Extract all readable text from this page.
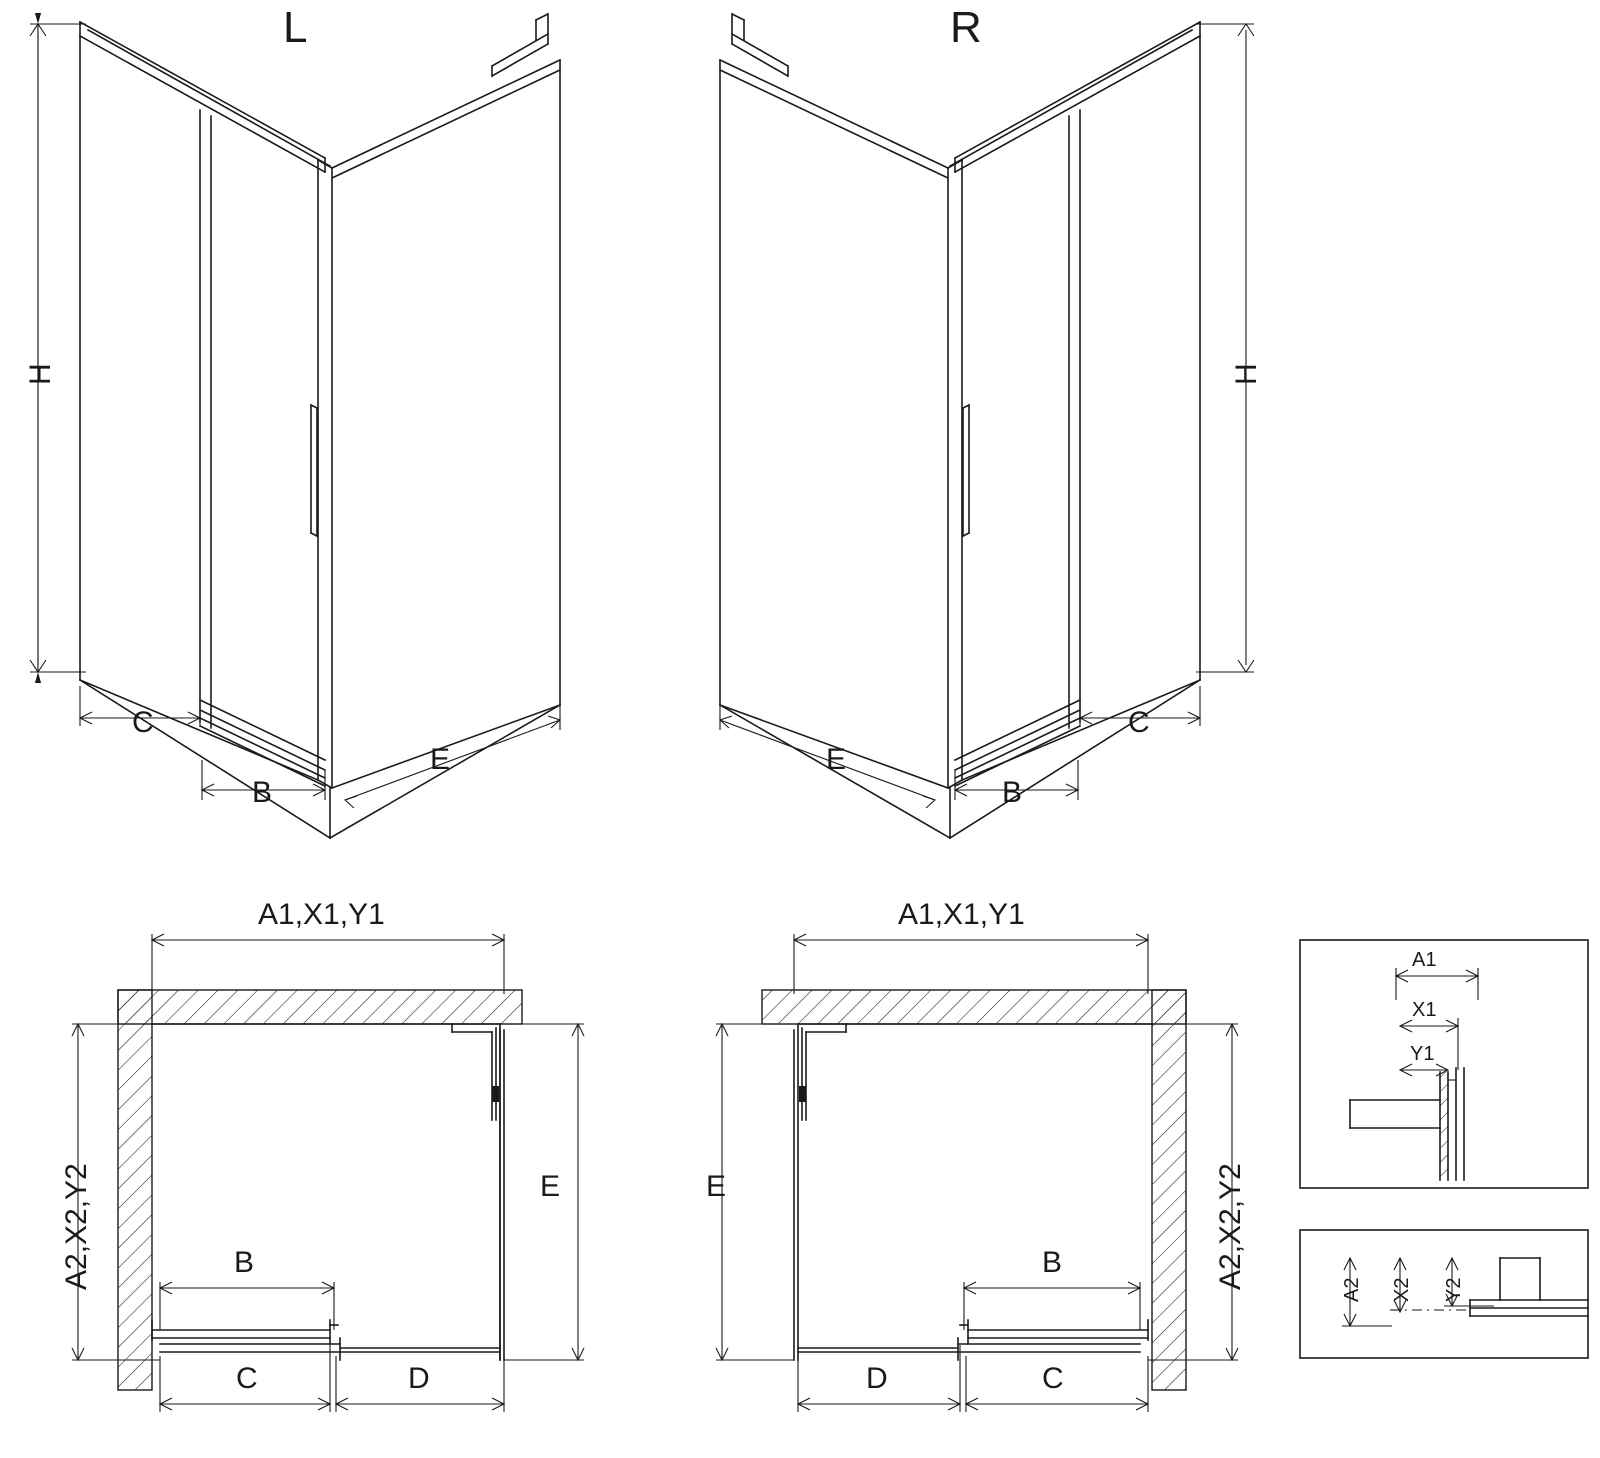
L	R
H
C
B
E
H
C
B
E
A1,X1,Y1
A2,X2,Y2	E
B
C	D
A1,X1,Y1
A2,X2,Y2
E
B
D	C
A1
X1
Y1
A2 X2 Y2
